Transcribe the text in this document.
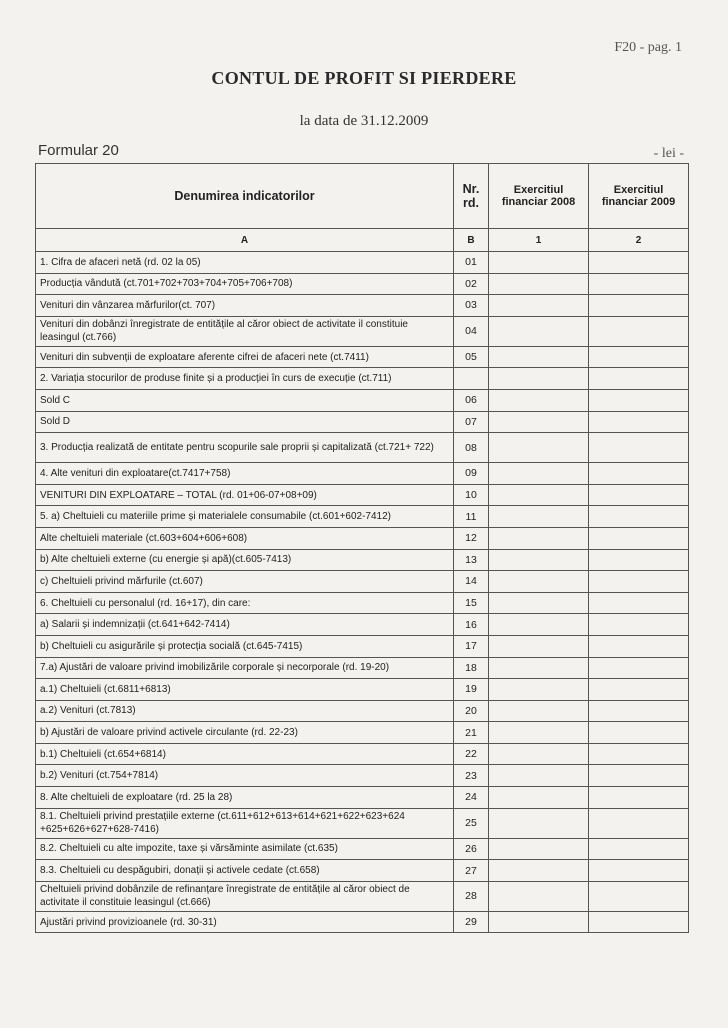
F20 - pag. 1
CONTUL DE PROFIT SI PIERDERE
la data de 31.12.2009
Formular 20	- lei -
Denumirea indicatorilor	Nr. rd.	Exercitiul financiar 2008	Exercitiul financiar 2009
A	B	1	2
1. Cifra de afaceri netă (rd. 02 la 05)	01		
Producția vândută (ct.701+702+703+704+705+706+708)	02		
Venituri din vânzarea mărfurilor(ct. 707)	03		
Venituri din dobânzi înregistrate de entitățile al căror obiect de activitate il constituie leasingul (ct.766)	04		
Venituri din subvenții de exploatare aferente cifrei de afaceri nete (ct.7411)	05		
2. Variația stocurilor de produse finite și a producției în curs de execuție (ct.711)			
Sold C	06		
Sold D	07		
3. Producția realizată de entitate pentru scopurile sale proprii și capitalizată (ct.721+ 722)	08		
4. Alte venituri din exploatare(ct.7417+758)	09		
VENITURI DIN EXPLOATARE – TOTAL (rd. 01+06-07+08+09)	10		
5. a) Cheltuieli cu materiile prime și materialele consumabile (ct.601+602-7412)	11		
Alte cheltuieli materiale (ct.603+604+606+608)	12		
b) Alte cheltuieli externe (cu energie și apă)(ct.605-7413)	13		
c) Cheltuieli privind mărfurile (ct.607)	14		
6. Cheltuieli cu personalul (rd. 16+17), din care:	15		
a) Salarii și indemnizații (ct.641+642-7414)	16		
b) Cheltuieli cu asigurările și protecția socială (ct.645-7415)	17		
7.a) Ajustări de valoare privind imobilizările corporale și necorporale (rd. 19-20)	18		
a.1) Cheltuieli (ct.6811+6813)	19		
a.2) Venituri (ct.7813)	20		
b) Ajustări de valoare privind activele circulante (rd. 22-23)	21		
b.1) Cheltuieli (ct.654+6814)	22		
b.2) Venituri (ct.754+7814)	23		
8. Alte cheltuieli de exploatare (rd. 25 la 28)	24		
8.1. Cheltuieli privind prestațiile externe (ct.611+612+613+614+621+622+623+624 +625+626+627+628-7416)	25		
8.2. Cheltuieli cu alte impozite, taxe și vărsăminte asimilate (ct.635)	26		
8.3. Cheltuieli cu despăgubiri, donații și activele cedate (ct.658)	27		
Cheltuieli privind dobânzile de refinanțare înregistrate de entitățile al căror obiect de activitate il constituie leasingul (ct.666)	28		
Ajustări privind provizioanele (rd. 30-31)	29		
